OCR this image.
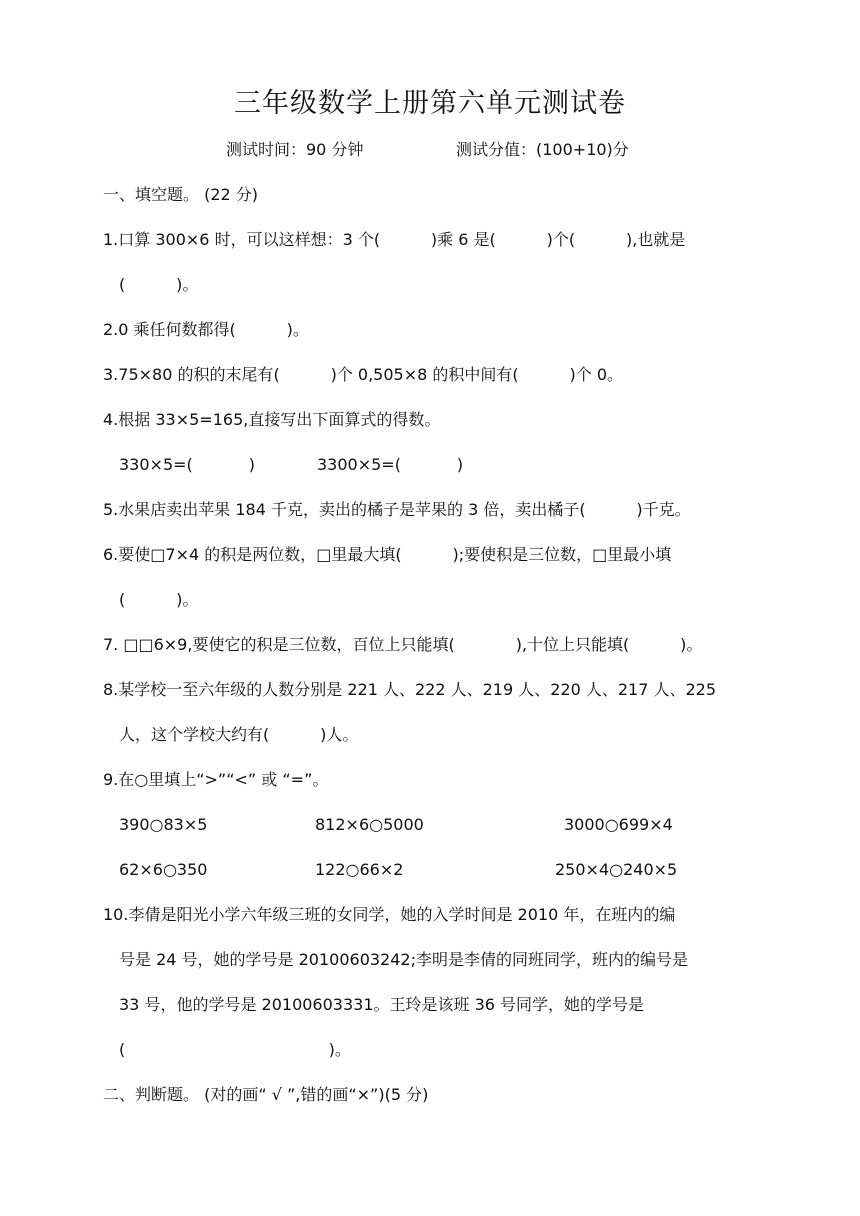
三年级数学上册第六单元测试卷
测试时间：90 分钟	测试分值：(100+10)分
一、填空题。 (22 分)
1.口算 300×6 时，可以这样想：3 个(          )乘 6 是(          )个(          ),也就是
(          )。
2.0 乘任何数都得(          )。
3.75×80 的积的末尾有(          )个 0,505×8 的积中间有(          )个 0。
4.根据 33×5=165,直接写出下面算式的得数。
330×5=(           )	3300×5=(           )
5.水果店卖出苹果 184 千克，卖出的橘子是苹果的 3 倍，卖出橘子(          )千克。
6.要使□7×4 的积是两位数，□里最大填(          );要使积是三位数，□里最小填
(          )。
7. □□6×9,要使它的积是三位数，百位上只能填(            ),十位上只能填(          )。
8.某学校一至六年级的人数分别是 221 人、222 人、219 人、220 人、217 人、225
人，这个学校大约有(          )人。
9.在○里填上“>”“<” 或 “=”。
390○83×5	812×6○5000	3000○699×4
62×6○350	122○66×2	250×4○240×5
10.李倩是阳光小学六年级三班的女同学，她的入学时间是 2010 年，在班内的编
号是 24 号，她的学号是 20100603242;李明是李倩的同班同学，班内的编号是
33 号，他的学号是 20100603331。王玲是该班 36 号同学，她的学号是
(                                        )。
二、判断题。 (对的画“ √ ”,错的画“×”)(5 分)
